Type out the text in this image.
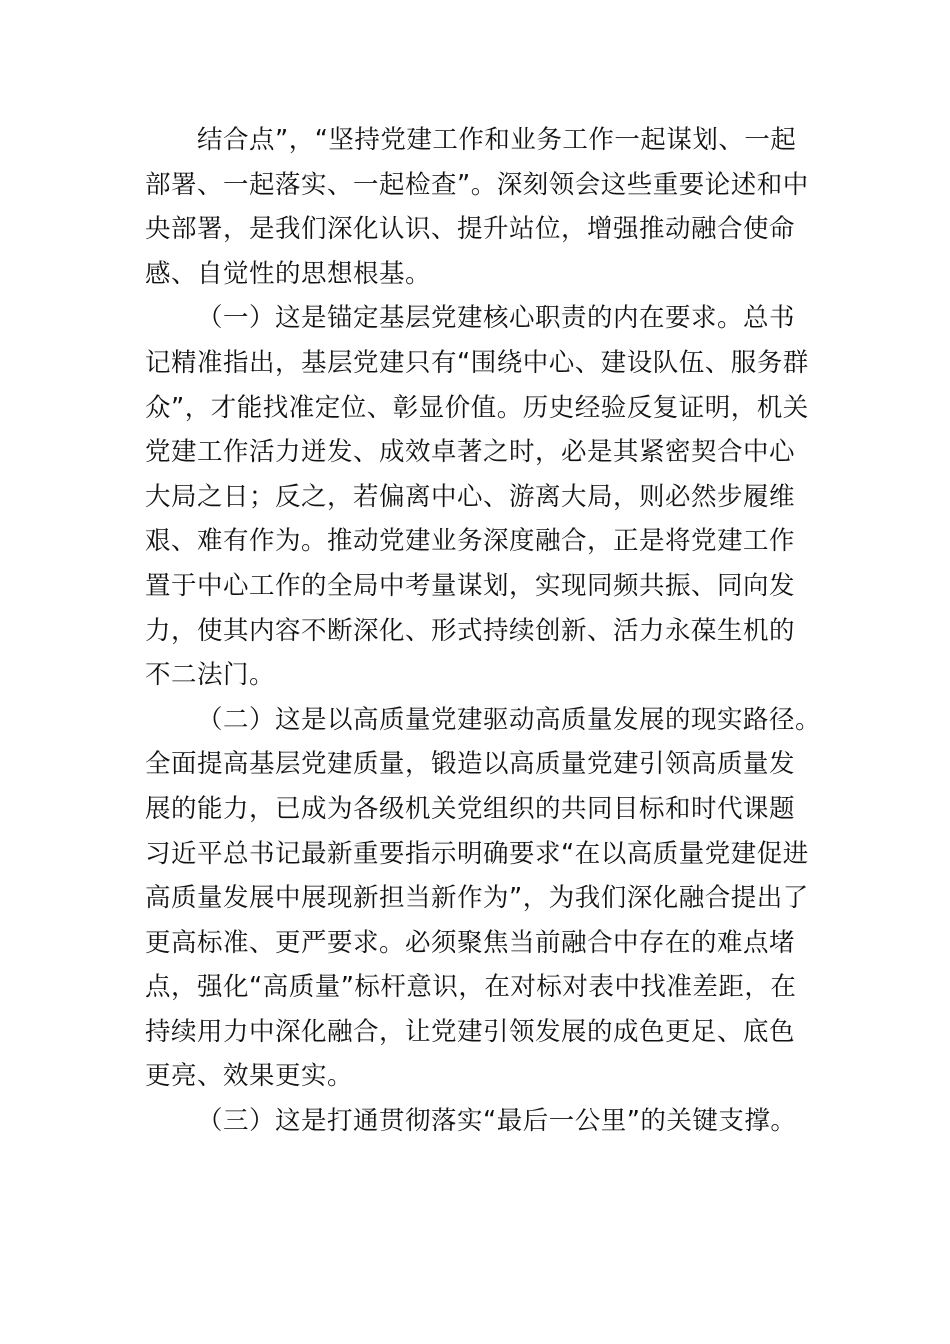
结合点”，“坚持党建工作和业务工作一起谋划、一起
部署、一起落实、一起检查”。深刻领会这些重要论述和中
央部署，是我们深化认识、提升站位，增强推动融合使命
感、自觉性的思想根基。
（一）这是锚定基层党建核心职责的内在要求。总书
记精准指出，基层党建只有“围绕中心、建设队伍、服务群
众”，才能找准定位、彰显价值。历史经验反复证明，机关
党建工作活力迸发、成效卓著之时，必是其紧密契合中心
大局之日；反之，若偏离中心、游离大局，则必然步履维
艰、难有作为。推动党建业务深度融合，正是将党建工作
置于中心工作的全局中考量谋划，实现同频共振、同向发
力，使其内容不断深化、形式持续创新、活力永葆生机的
不二法门。
（二）这是以高质量党建驱动高质量发展的现实路径。
全面提高基层党建质量，锻造以高质量党建引领高质量发
展的能力，已成为各级机关党组织的共同目标和时代课题
习近平总书记最新重要指示明确要求“在以高质量党建促进
高质量发展中展现新担当新作为”，为我们深化融合提出了
更高标准、更严要求。必须聚焦当前融合中存在的难点堵
点，强化“高质量”标杆意识，在对标对表中找准差距，在
持续用力中深化融合，让党建引领发展的成色更足、底色
更亮、效果更实。
（三）这是打通贯彻落实“最后一公里”的关键支撑。
